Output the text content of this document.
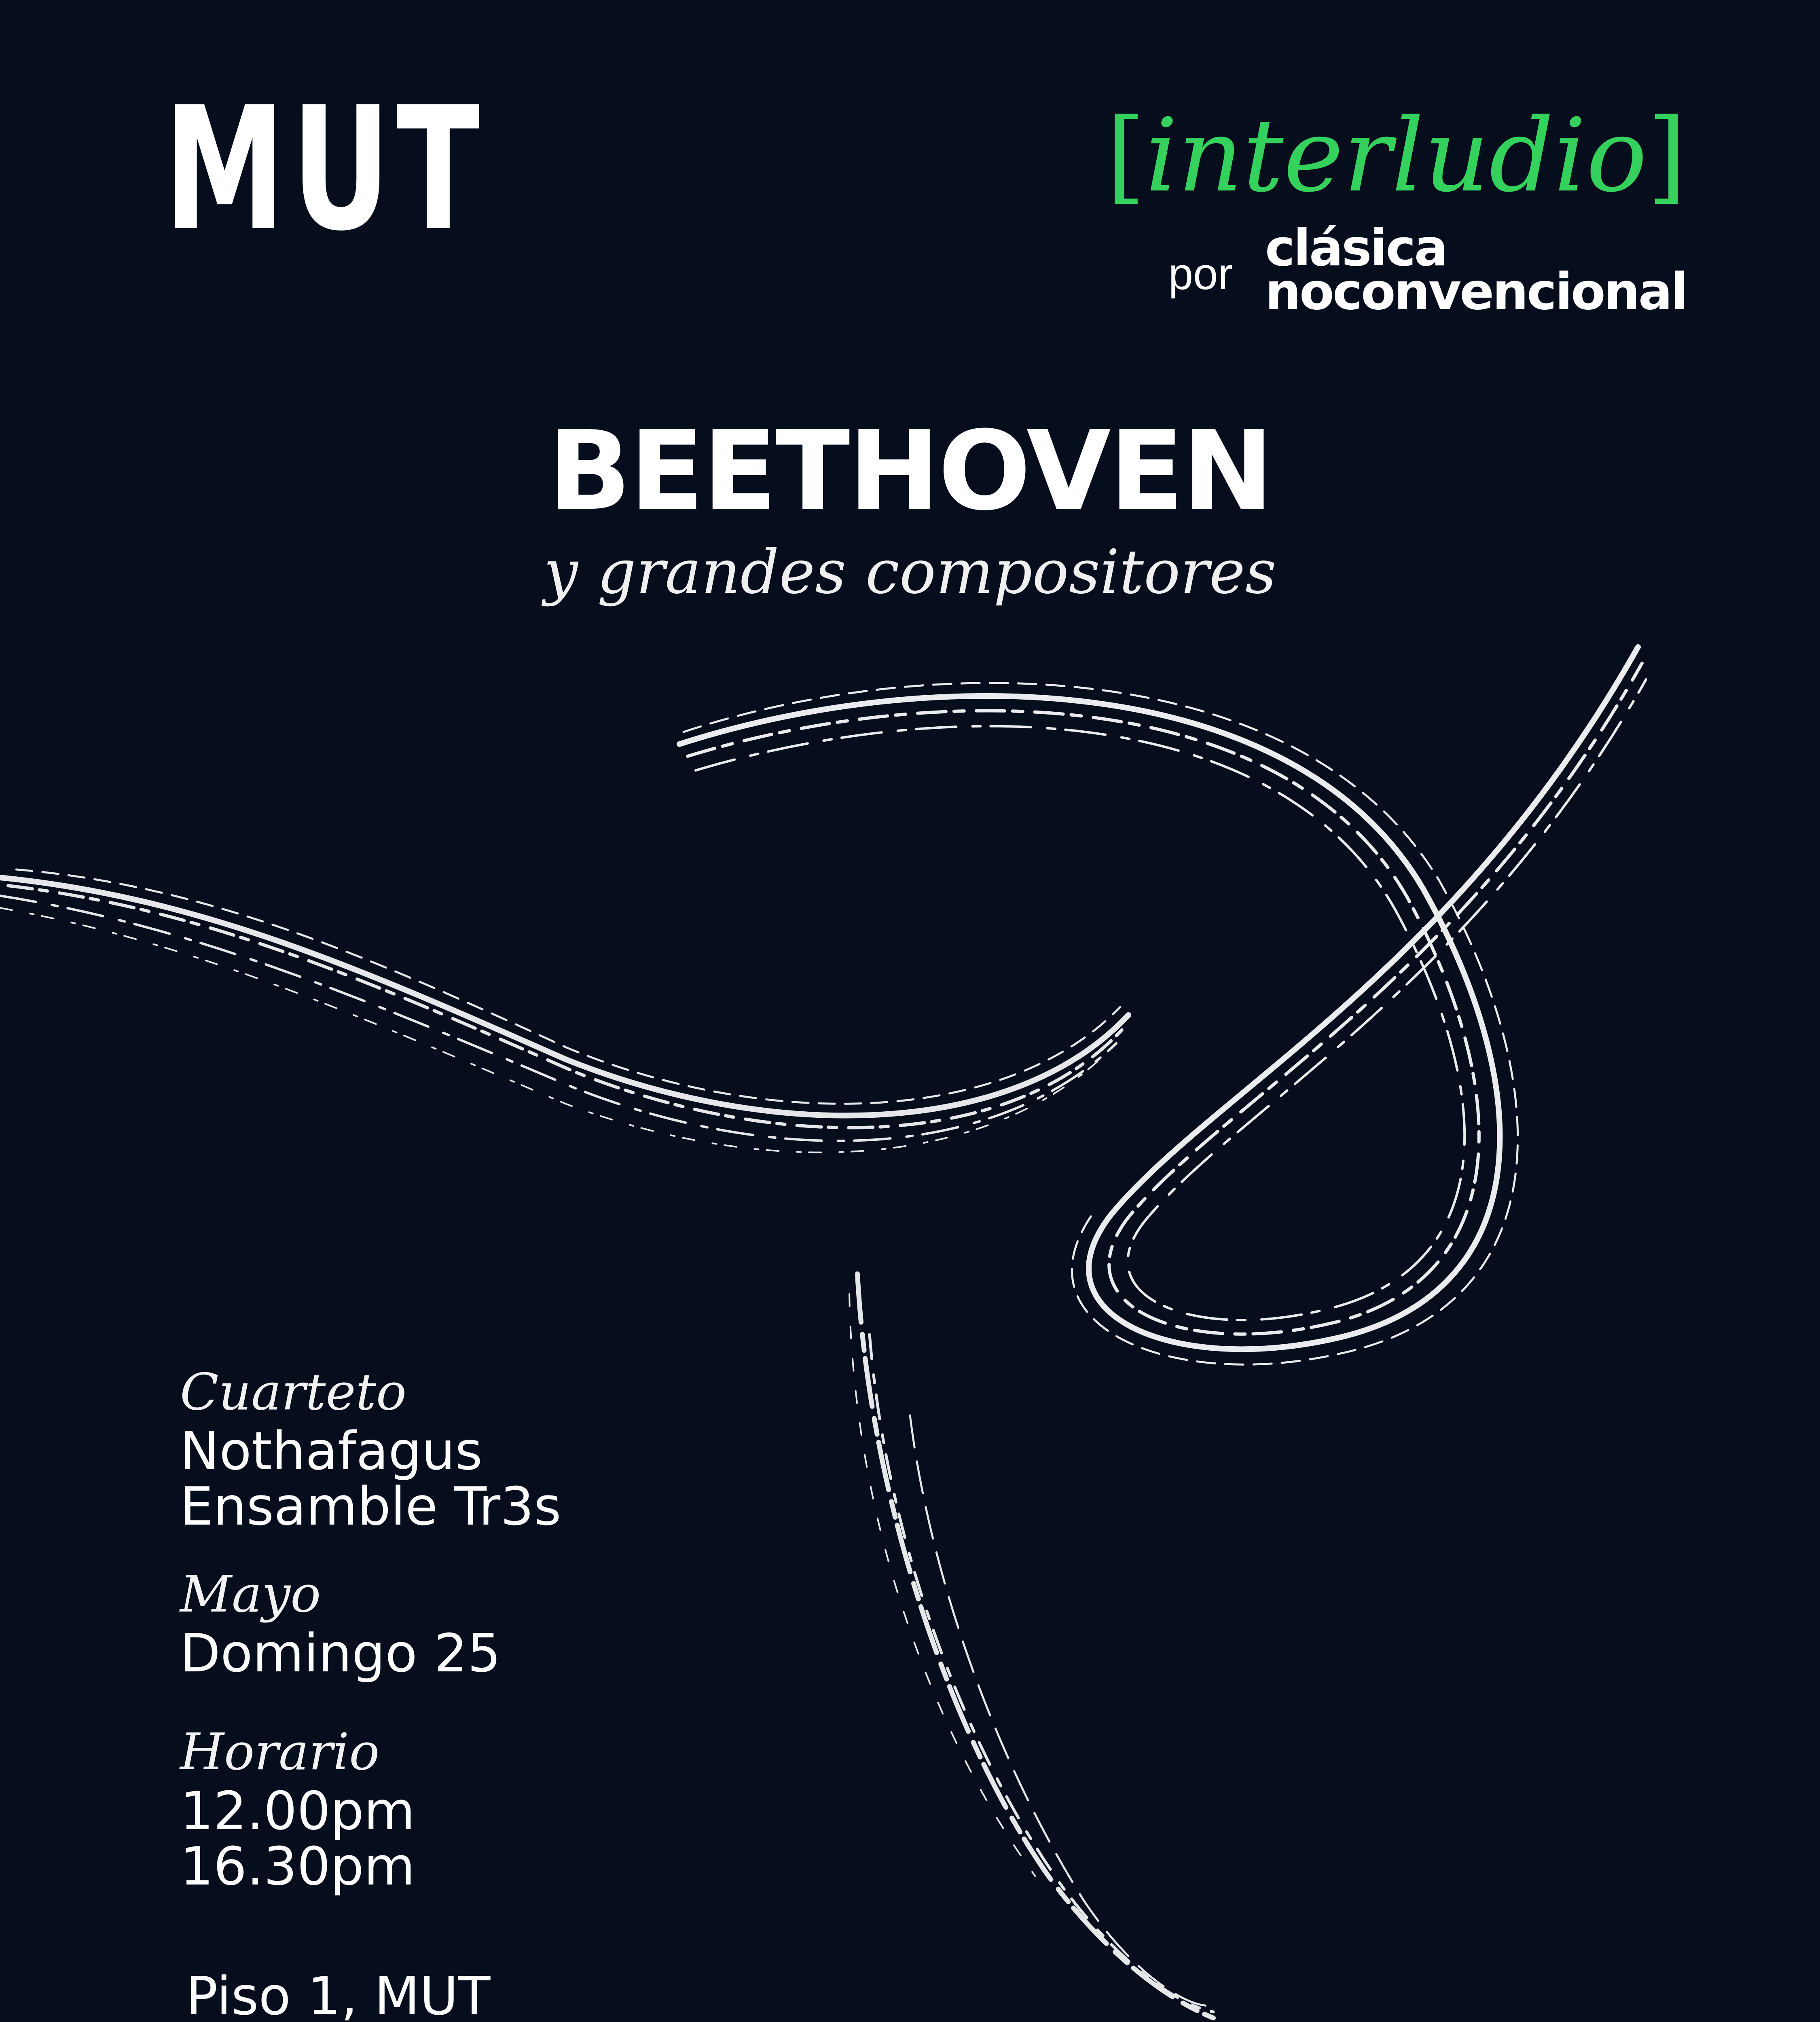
MUT	[interludio]
por clásica
noconvencional
BEETHOVEN
y grandes compositores
Cuarteto
Nothafagus
Ensamble Tr3s
Mayo
Domingo 25
Horario
12.00pm
16.30pm
Piso 1, MUT
